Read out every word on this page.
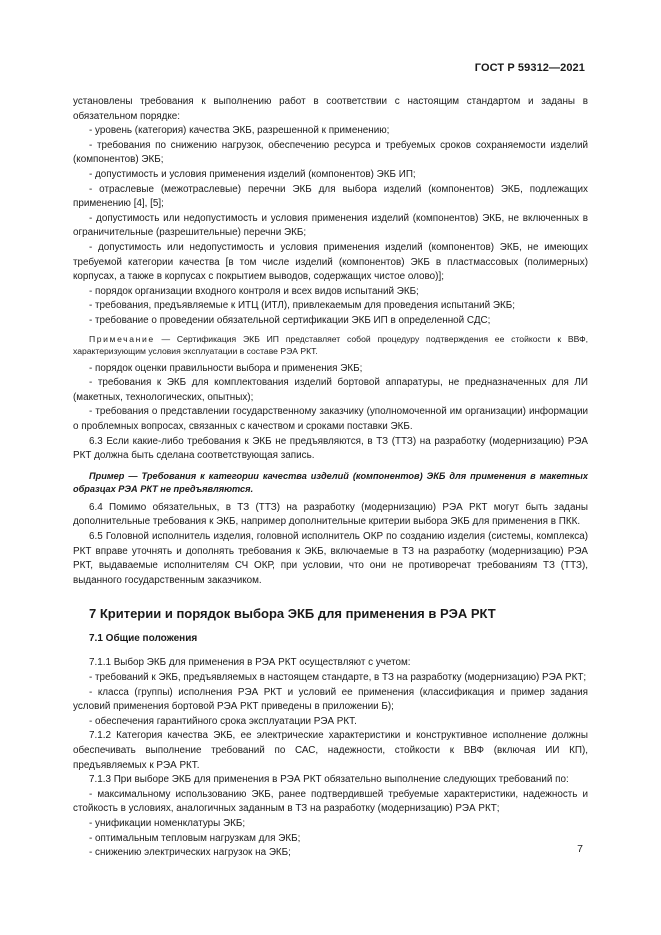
ГОСТ Р 59312—2021

установлены требования к выполнению работ в соответствии с настоящим стандартом и заданы в обязательном порядке:

- уровень (категория) качества ЭКБ, разрешенной к применению;

- требования по снижению нагрузок, обеспечению ресурса и требуемых сроков сохраняемости изделий (компонентов) ЭКБ;

- допустимость и условия применения изделий (компонентов) ЭКБ ИП;

- отраслевые (межотраслевые) перечни ЭКБ для выбора изделий (компонентов) ЭКБ, подлежащих применению [4], [5];

- допустимость или недопустимость и условия применения изделий (компонентов) ЭКБ, не включенных в ограничительные (разрешительные) перечни ЭКБ;

- допустимость или недопустимость и условия применения изделий (компонентов) ЭКБ, не имеющих требуемой категории качества [в том числе изделий (компонентов) ЭКБ в пластмассовых (полимерных) корпусах, а также в корпусах с покрытием выводов, содержащих чистое олово)];

- порядок организации входного контроля и всех видов испытаний ЭКБ;

- требования, предъявляемые к ИТЦ (ИТЛ), привлекаемым для проведения испытаний ЭКБ;

- требование о проведении обязательной сертификации ЭКБ ИП в определенной СДС;

Примечание — Сертификация ЭКБ ИП представляет собой процедуру подтверждения ее стойкости к ВВФ, характеризующим условия эксплуатации в составе РЭА РКТ.

- порядок оценки правильности выбора и применения ЭКБ;

- требования к ЭКБ для комплектования изделий бортовой аппаратуры, не предназначенных для ЛИ (макетных, технологических, опытных);

- требования о представлении государственному заказчику (уполномоченной им организации) информации о проблемных вопросах, связанных с качеством и сроками поставки ЭКБ.

6.3 Если какие-либо требования к ЭКБ не предъявляются, в ТЗ (ТТЗ) на разработку (модернизацию) РЭА РКТ должна быть сделана соответствующая запись.

Пример — Требования к категории качества изделий (компонентов) ЭКБ для применения в макетных образцах РЭА РКТ не предъявляются.

6.4 Помимо обязательных, в ТЗ (ТТЗ) на разработку (модернизацию) РЭА РКТ могут быть заданы дополнительные требования к ЭКБ, например дополнительные критерии выбора ЭКБ для применения в ПКК.

6.5 Головной исполнитель изделия, головной исполнитель ОКР по созданию изделия (системы, комплекса) РКТ вправе уточнять и дополнять требования к ЭКБ, включаемые в ТЗ на разработку (модернизацию) РЭА РКТ, выдаваемые исполнителям СЧ ОКР, при условии, что они не противоречат требованиям ТЗ (ТТЗ), выданного государственным заказчиком.

7 Критерии и порядок выбора ЭКБ для применения в РЭА РКТ

7.1 Общие положения

7.1.1 Выбор ЭКБ для применения в РЭА РКТ осуществляют с учетом:

- требований к ЭКБ, предъявляемых в настоящем стандарте, в ТЗ на разработку (модернизацию) РЭА РКТ;

- класса (группы) исполнения РЭА РКТ и условий ее применения (классификация и пример задания условий применения бортовой РЭА РКТ приведены в приложении Б);

- обеспечения гарантийного срока эксплуатации РЭА РКТ.

7.1.2 Категория качества ЭКБ, ее электрические характеристики и конструктивное исполнение должны обеспечивать выполнение требований по САС, надежности, стойкости к ВВФ (включая ИИ КП), предъявляемых к РЭА РКТ.

7.1.3 При выборе ЭКБ для применения в РЭА РКТ обязательно выполнение следующих требований по:

- максимальному использованию ЭКБ, ранее подтвердившей требуемые характеристики, надежность и стойкость в условиях, аналогичных заданным в ТЗ на разработку (модернизацию) РЭА РКТ;

- унификации номенклатуры ЭКБ;

- оптимальным тепловым нагрузкам для ЭКБ;

- снижению электрических нагрузок на ЭКБ;	7
